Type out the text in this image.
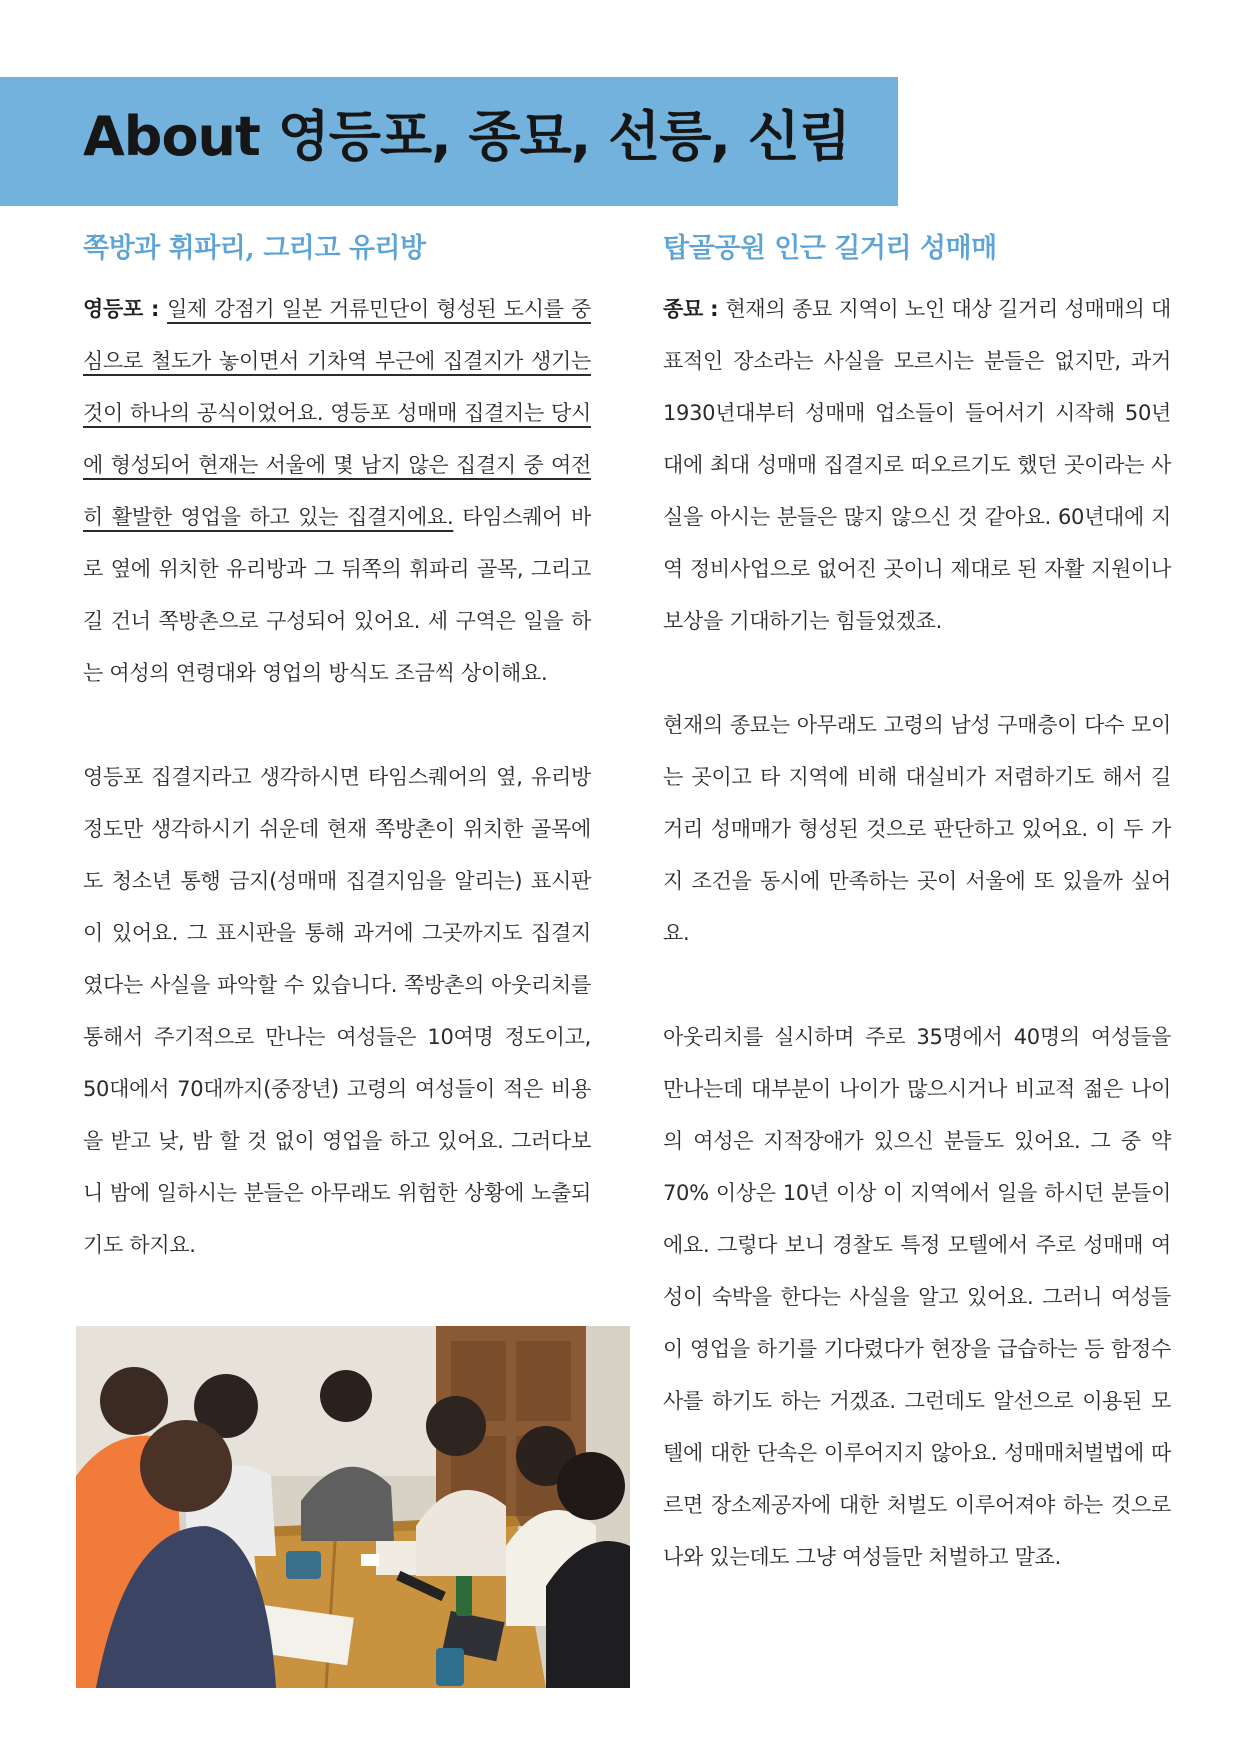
About 영등포, 종묘, 선릉, 신림
쪽방과 휘파리, 그리고 유리방

영등포 : 일제 강점기 일본 거류민단이 형성된 도시를 중심으로 철도가 놓이면서 기차역 부근에 집결지가 생기는 것이 하나의 공식이었어요. 영등포 성매매 집결지는 당시에 형성되어 현재는 서울에 몇 남지 않은 집결지 중 여전히 활발한 영업을 하고 있는 집결지에요. 타임스퀘어 바로 옆에 위치한 유리방과 그 뒤쪽의 휘파리 골목, 그리고 길 건너 쪽방촌으로 구성되어 있어요. 세 구역은 일을 하는 여성의 연령대와 영업의 방식도 조금씩 상이해요.

영등포 집결지라고 생각하시면 타임스퀘어의 옆, 유리방 정도만 생각하시기 쉬운데 현재 쪽방촌이 위치한 골목에도 청소년 통행 금지(성매매 집결지임을 알리는) 표시판이 있어요. 그 표시판을 통해 과거에 그곳까지도 집결지였다는 사실을 파악할 수 있습니다. 쪽방촌의 아웃리치를 통해서 주기적으로 만나는 여성들은 10여명 정도이고, 50대에서 70대까지(중장년) 고령의 여성들이 적은 비용을 받고 낮, 밤 할 것 없이 영업을 하고 있어요. 그러다보니 밤에 일하시는 분들은 아무래도 위험한 상황에 노출되기도 하지요.

탑골공원 인근 길거리 성매매

종묘 : 현재의 종묘 지역이 노인 대상 길거리 성매매의 대표적인 장소라는 사실을 모르시는 분들은 없지만, 과거 1930년대부터 성매매 업소들이 들어서기 시작해 50년대에 최대 성매매 집결지로 떠오르기도 했던 곳이라는 사실을 아시는 분들은 많지 않으신 것 같아요. 60년대에 지역 정비사업으로 없어진 곳이니 제대로 된 자활 지원이나 보상을 기대하기는 힘들었겠죠.

현재의 종묘는 아무래도 고령의 남성 구매층이 다수 모이는 곳이고 타 지역에 비해 대실비가 저렴하기도 해서 길거리 성매매가 형성된 것으로 판단하고 있어요. 이 두 가지 조건을 동시에 만족하는 곳이 서울에 또 있을까 싶어요.

아웃리치를 실시하며 주로 35명에서 40명의 여성들을 만나는데 대부분이 나이가 많으시거나 비교적 젊은 나이의 여성은 지적장애가 있으신 분들도 있어요. 그 중 약 70% 이상은 10년 이상 이 지역에서 일을 하시던 분들이에요. 그렇다 보니 경찰도 특정 모텔에서 주로 성매매 여성이 숙박을 한다는 사실을 알고 있어요. 그러니 여성들이 영업을 하기를 기다렸다가 현장을 급습하는 등 함정수사를 하기도 하는 거겠죠. 그런데도 알선으로 이용된 모텔에 대한 단속은 이루어지지 않아요. 성매매처벌법에 따르면 장소제공자에 대한 처벌도 이루어져야 하는 것으로 나와 있는데도 그냥 여성들만 처벌하고 말죠.
